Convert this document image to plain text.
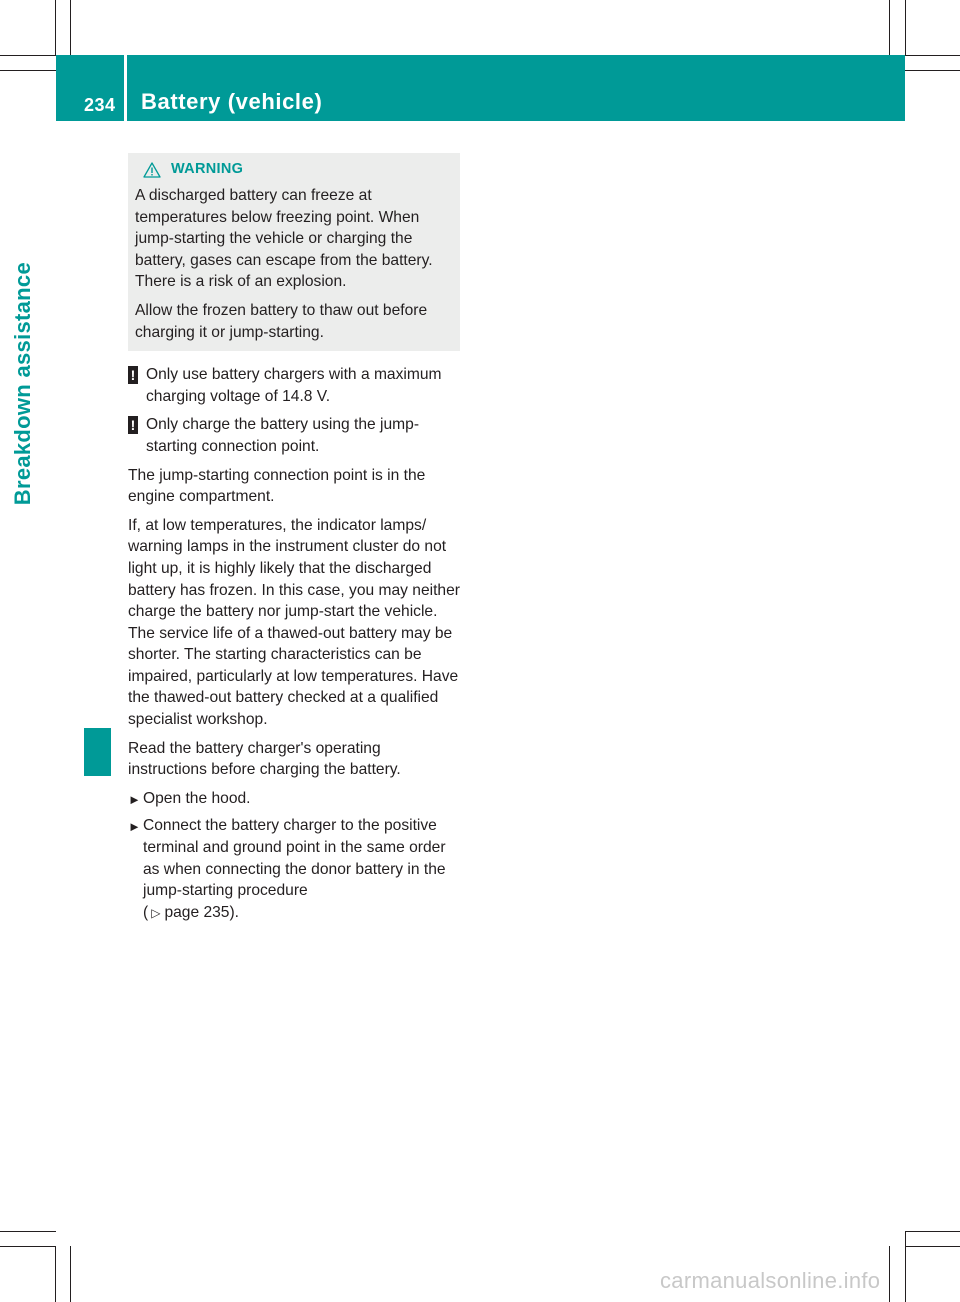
234 Battery (vehicle)
Breakdown assistance
WARNING

A discharged battery can freeze at temperatures below freezing point. When jump-starting the vehicle or charging the battery, gases can escape from the battery. There is a risk of an explosion.

Allow the frozen battery to thaw out before charging it or jump-starting.

! Only use battery chargers with a maximum charging voltage of 14.8 V.
! Only charge the battery using the jump-starting connection point.

The jump-starting connection point is in the engine compartment.

If, at low temperatures, the indicator lamps/ warning lamps in the instrument cluster do not light up, it is highly likely that the discharged battery has frozen. In this case, you may neither charge the battery nor jump-start the vehicle. The service life of a thawed-out battery may be shorter. The starting characteristics can be impaired, particularly at low temperatures. Have the thawed-out battery checked at a qualified specialist workshop.

Read the battery charger's operating instructions before charging the battery.

► Open the hood.
► Connect the battery charger to the positive terminal and ground point in the same order as when connecting the donor battery in the jump-starting procedure
( ▷ page 235).
carmanualsonline.info
